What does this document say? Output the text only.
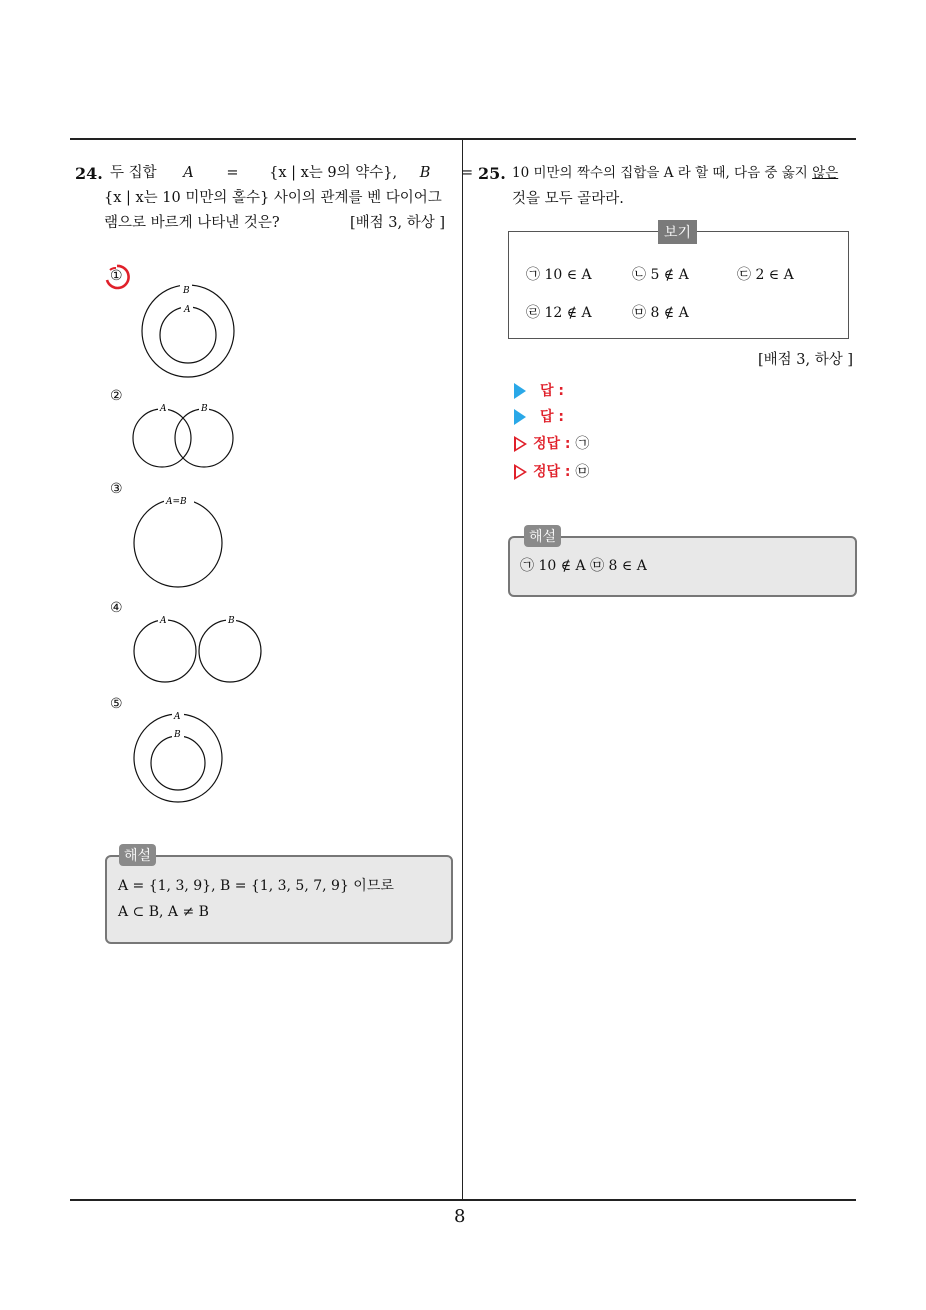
8
24. 두 집합 A = {x | x는 9의 약수}, B =
{x | x는 10 미만의 홀수} 사이의 관계를 벤 다이어그
램으로 바르게 나타낸 것은?	[배점 3, 하상 ]
①
B
A
②
A	B
③
A=B
④
A	B
⑤
A
B
해설
A = {1, 3, 9}, B = {1, 3, 5, 7, 9} 이므로
A ⊂ B, A ≠ B
25. 10 미만의 짝수의 집합을 A 라 할 때, 다음 중 옳지 않은
것을 모두 골라라.
보기
㉠ 10 ∈ A	㉡ 5 ∉ A	㉢ 2 ∈ A
㉣ 12 ∉ A	㉤ 8 ∉ A
[배점 3, 하상 ]
답 :
답 :
정답 : ㉠
정답 : ㉤
해설
㉠ 10 ∉ A ㉤ 8 ∈ A
